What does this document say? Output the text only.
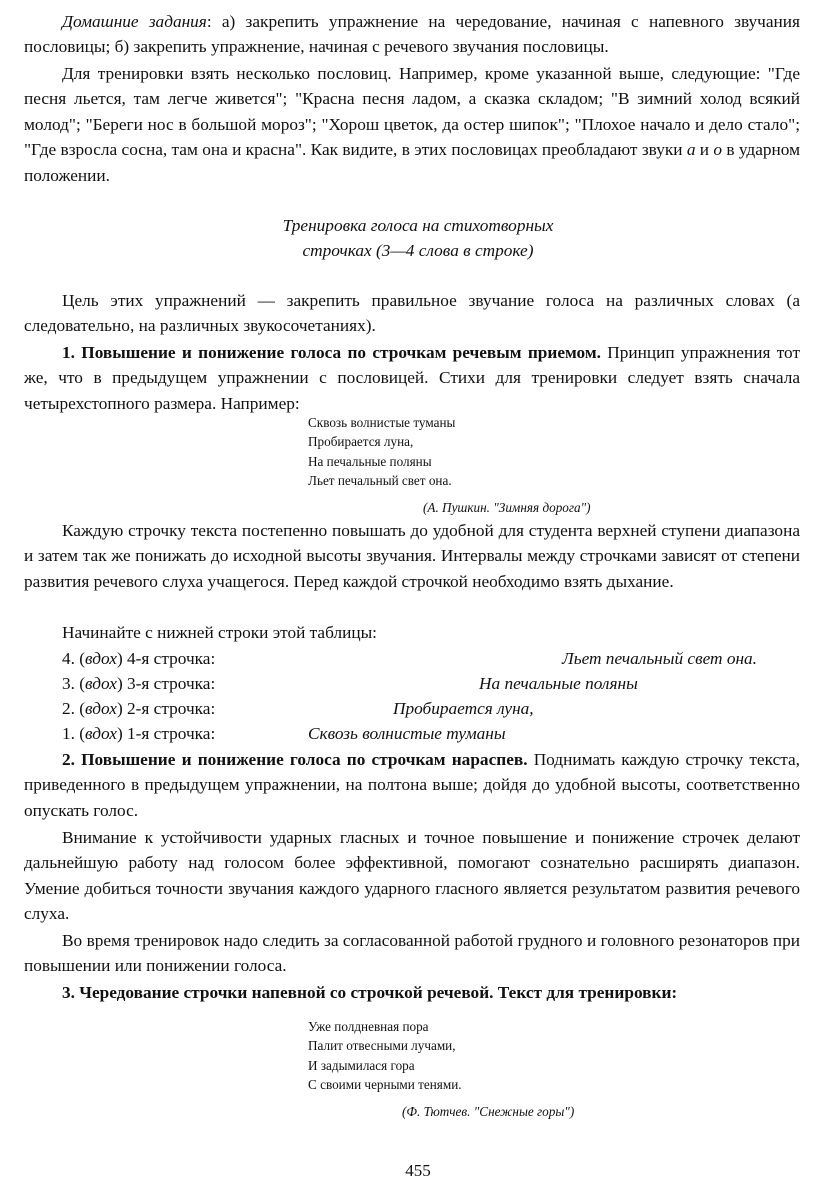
Домашние задания: а) закрепить упражнение на чередование, начиная с напевного звучания пословицы; б) закрепить упражнение, начиная с речевого звучания пословицы.

Для тренировки взять несколько пословиц. Например, кроме указанной выше, следующие: "Где песня льется, там легче живется"; "Красна песня ладом, а сказка складом; "В зимний холод всякий молод"; "Береги нос в большой мороз"; "Хорош цветок, да остер шипок"; "Плохое начало и дело стало"; "Где взросла сосна, там она и красна". Как видите, в этих пословицах преобладают звуки а и о в ударном положении.

Тренировка голоса на стихотворных

строчках (3—4 слова в строке)

Цель этих упражнений — закрепить правильное звучание голоса на различных словах (а следовательно, на различных звукосочетаниях).

1. Повышение и понижение голоса по строчкам речевым приемом. Принцип упражнения тот же, что в предыдущем упражнении с пословицей. Стихи для тренировки следует взять сначала четырехстопного размера. Например:

Сквозь волнистые туманы
Пробирается луна,
На печальные поляны
Льет печальный свет она.

(А. Пушкин. "Зимняя дорога")

Каждую строчку текста постепенно повышать до удобной для студента верхней ступени диапазона и затем так же понижать до исходной высоты звучания. Интервалы между строчками зависят от степени развития речевого слуха учащегося. Перед каждой строчкой необходимо взять дыхание.

Начинайте с нижней строки этой таблицы:

4. (вдох) 4-я строчка:	Льет печальный свет она.
3. (вдох) 3-я строчка:	На печальные поляны
2. (вдох) 2-я строчка:	Пробирается луна,
1. (вдох) 1-я строчка:	Сквозь волнистые туманы

2. Повышение и понижение голоса по строчкам нараспев. Поднимать каждую строчку текста, приведенного в предыдущем упражнении, на полтона выше; дойдя до удобной высоты, соответственно опускать голос.

Внимание к устойчивости ударных гласных и точное повышение и понижение строчек делают дальнейшую работу над голосом более эффективной, помогают сознательно расширять диапазон. Умение добиться точности звучания каждого ударного гласного является результатом развития речевого слуха.

Во время тренировок надо следить за согласованной работой грудного и головного резонаторов при повышении или понижении голоса.

3. Чередование строчки напевной со строчкой речевой. Текст для тренировки:

Уже полдневная пора
Палит отвесными лучами,
И задымилася гора
С своими черными тенями.

(Ф. Тютчев. "Снежные горы")

455
